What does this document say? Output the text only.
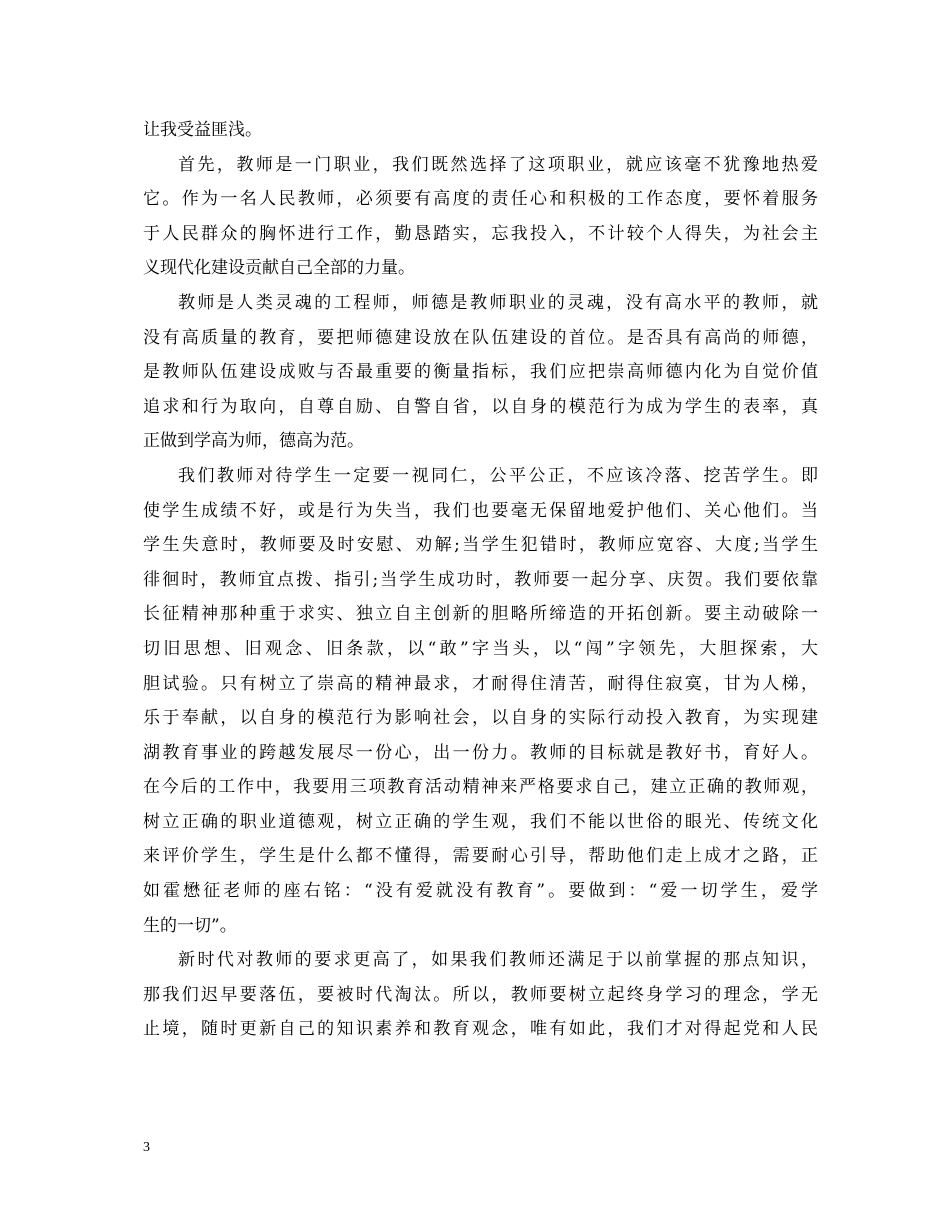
让我受益匪浅。
首先，教师是一门职业，我们既然选择了这项职业，就应该毫不犹豫地热爱
它。作为一名人民教师，必须要有高度的责任心和积极的工作态度，要怀着服务
于人民群众的胸怀进行工作，勤恳踏实，忘我投入，不计较个人得失，为社会主
义现代化建设贡献自己全部的力量。
教师是人类灵魂的工程师，师德是教师职业的灵魂，没有高水平的教师，就
没有高质量的教育，要把师德建设放在队伍建设的首位。是否具有高尚的师德，
是教师队伍建设成败与否最重要的衡量指标，我们应把崇高师德内化为自觉价值
追求和行为取向，自尊自励、自警自省，以自身的模范行为成为学生的表率，真
正做到学高为师，德高为范。
我们教师对待学生一定要一视同仁，公平公正，不应该冷落、挖苦学生。即
使学生成绩不好，或是行为失当，我们也要毫无保留地爱护他们、关心他们。当
学生失意时，教师要及时安慰、劝解;当学生犯错时，教师应宽容、大度;当学生
徘徊时，教师宜点拨、指引;当学生成功时，教师要一起分享、庆贺。我们要依靠
长征精神那种重于求实、独立自主创新的胆略所缔造的开拓创新。要主动破除一
切旧思想、旧观念、旧条款，以“敢”字当头，以“闯”字领先，大胆探索，大
胆试验。只有树立了崇高的精神最求，才耐得住清苦，耐得住寂寞，甘为人梯，
乐于奉献，以自身的模范行为影响社会，以自身的实际行动投入教育，为实现建
湖教育事业的跨越发展尽一份心，出一份力。教师的目标就是教好书，育好人。
在今后的工作中，我要用三项教育活动精神来严格要求自己，建立正确的教师观，
树立正确的职业道德观，树立正确的学生观，我们不能以世俗的眼光、传统文化
来评价学生，学生是什么都不懂得，需要耐心引导，帮助他们走上成才之路，正
如霍懋征老师的座右铭：“没有爱就没有教育”。要做到：“爱一切学生，爱学
生的一切”。
新时代对教师的要求更高了，如果我们教师还满足于以前掌握的那点知识，
那我们迟早要落伍，要被时代淘汰。所以，教师要树立起终身学习的理念，学无
止境，随时更新自己的知识素养和教育观念，唯有如此，我们才对得起党和人民
3
